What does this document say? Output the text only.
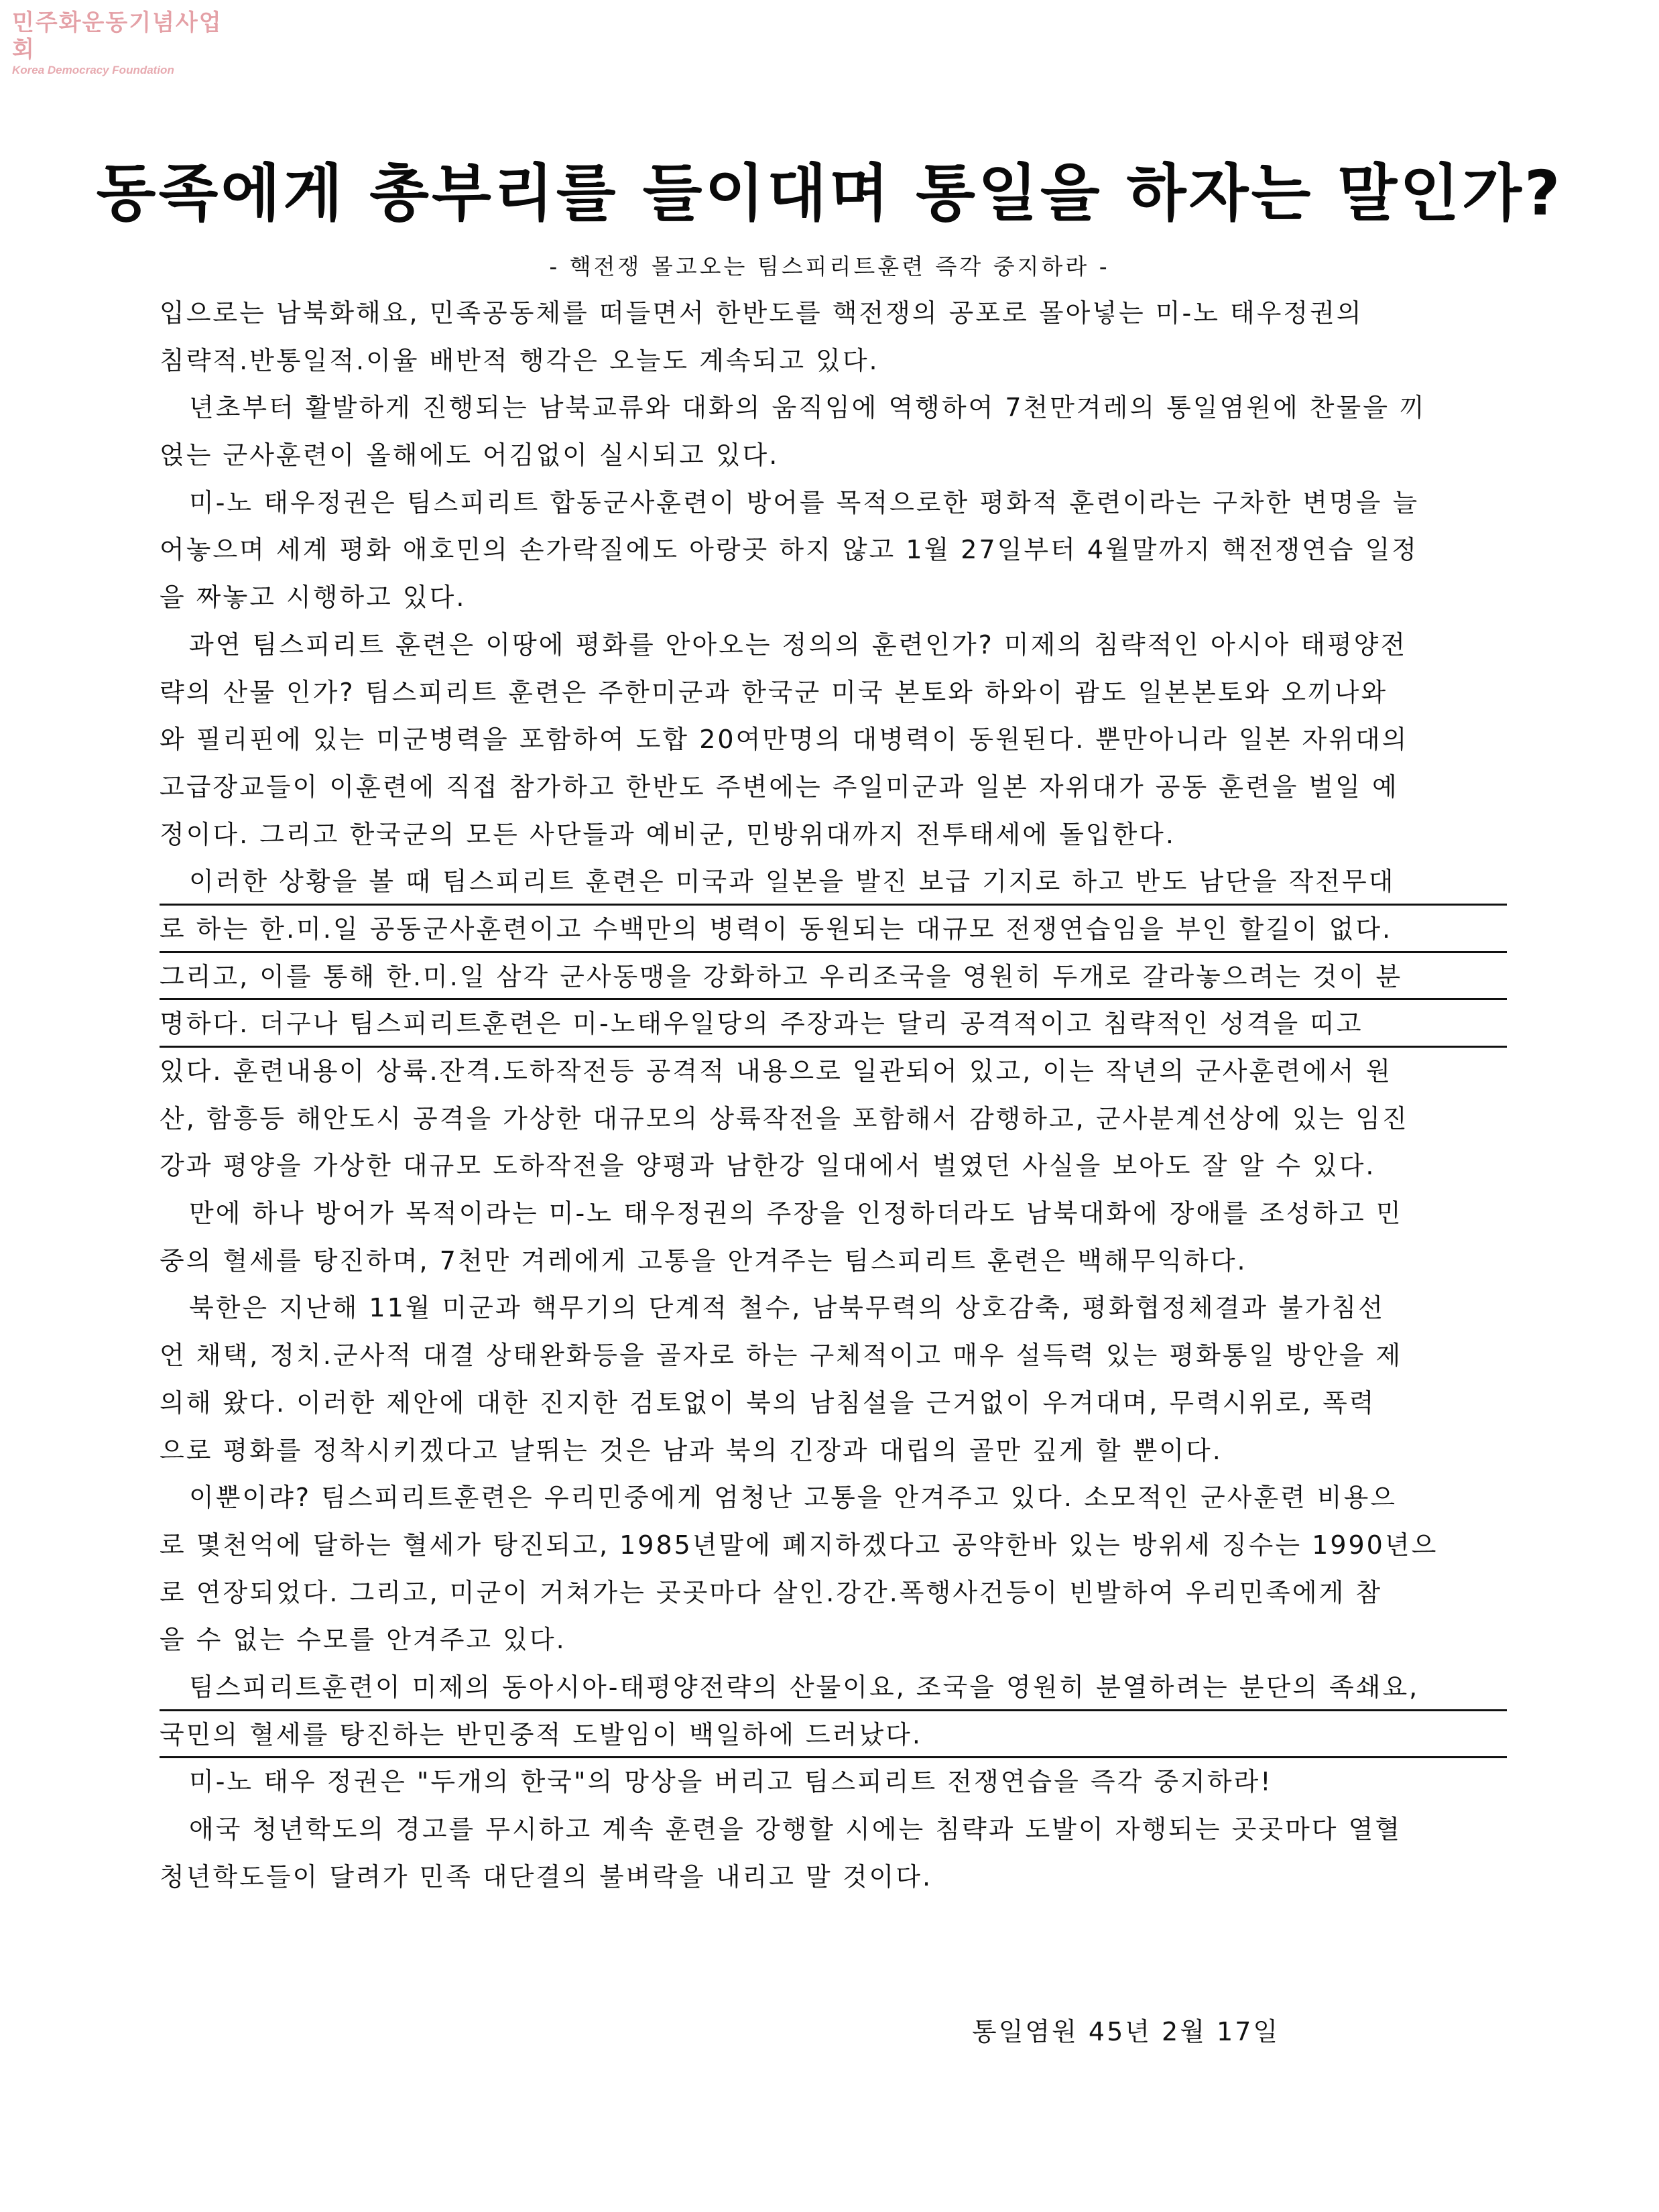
민주화운동기념사업회
Korea Democracy Foundation
동족에게 총부리를 들이대며 통일을 하자는 말인가?
- 핵전쟁 몰고오는 팀스피리트훈련 즉각 중지하라 -
입으로는 남북화해요, 민족공동체를 떠들면서 한반도를 핵전쟁의 공포로 몰아넣는 미-노 태우정권의
침략적.반통일적.이율 배반적 행각은 오늘도 계속되고 있다.
년초부터 활발하게 진행되는 남북교류와 대화의 움직임에 역행하여 7천만겨레의 통일염원에 찬물을 끼
얹는 군사훈련이 올해에도 어김없이 실시되고 있다.
미-노 태우정권은 팀스피리트 합동군사훈련이 방어를 목적으로한 평화적 훈련이라는 구차한 변명을 늘
어놓으며 세계 평화 애호민의 손가락질에도 아랑곳 하지 않고 1월 27일부터 4월말까지 핵전쟁연습 일정
을 짜놓고 시행하고 있다.
과연 팀스피리트 훈련은 이땅에 평화를 안아오는 정의의 훈련인가? 미제의 침략적인 아시아 태평양전
략의 산물 인가? 팀스피리트 훈련은 주한미군과 한국군 미국 본토와 하와이 괌도 일본본토와 오끼나와
와 필리핀에 있는 미군병력을 포함하여 도합 20여만명의 대병력이 동원된다. 뿐만아니라 일본 자위대의
고급장교들이 이훈련에 직접 참가하고 한반도 주변에는 주일미군과 일본 자위대가 공동 훈련을 벌일 예
정이다. 그리고 한국군의 모든 사단들과 예비군, 민방위대까지 전투태세에 돌입한다.
이러한 상황을 볼 때 팀스피리트 훈련은 미국과 일본을 발진 보급 기지로 하고 반도 남단을 작전무대
로 하는 한.미.일 공동군사훈련이고 수백만의 병력이 동원되는 대규모 전쟁연습임을 부인 할길이 없다.
그리고, 이를 통해 한.미.일 삼각 군사동맹을 강화하고 우리조국을 영원히 두개로 갈라놓으려는 것이 분
명하다. 더구나 팀스피리트훈련은 미-노태우일당의 주장과는 달리 공격적이고 침략적인 성격을 띠고
있다. 훈련내용이 상륙.잔격.도하작전등 공격적 내용으로 일관되어 있고, 이는 작년의 군사훈련에서 원
산, 함흥등 해안도시 공격을 가상한 대규모의 상륙작전을 포함해서 감행하고, 군사분계선상에 있는 임진
강과 평양을 가상한 대규모 도하작전을 양평과 남한강 일대에서 벌였던 사실을 보아도 잘 알 수 있다.
만에 하나 방어가 목적이라는 미-노 태우정권의 주장을 인정하더라도 남북대화에 장애를 조성하고 민
중의 혈세를 탕진하며, 7천만 겨레에게 고통을 안겨주는 팀스피리트 훈련은 백해무익하다.
북한은 지난해 11월 미군과 핵무기의 단계적 철수, 남북무력의 상호감축, 평화협정체결과 불가침선
언 채택, 정치.군사적 대결 상태완화등을 골자로 하는 구체적이고 매우 설득력 있는 평화통일 방안을 제
의해 왔다. 이러한 제안에 대한 진지한 검토없이 북의 남침설을 근거없이 우겨대며, 무력시위로, 폭력
으로 평화를 정착시키겠다고 날뛰는 것은 남과 북의 긴장과 대립의 골만 깊게 할 뿐이다.
이뿐이랴? 팀스피리트훈련은 우리민중에게 엄청난 고통을 안겨주고 있다. 소모적인 군사훈련 비용으
로 몇천억에 달하는 혈세가 탕진되고, 1985년말에 폐지하겠다고 공약한바 있는 방위세 징수는 1990년으
로 연장되었다. 그리고, 미군이 거쳐가는 곳곳마다 살인.강간.폭행사건등이 빈발하여 우리민족에게 참
을 수 없는 수모를 안겨주고 있다.
팀스피리트훈련이 미제의 동아시아-태평양전략의 산물이요, 조국을 영원히 분열하려는 분단의 족쇄요,
국민의 혈세를 탕진하는 반민중적 도발임이 백일하에 드러났다.
미-노 태우 정권은 "두개의 한국"의 망상을 버리고 팀스피리트 전쟁연습을 즉각 중지하라!
애국 청년학도의 경고를 무시하고 계속 훈련을 강행할 시에는 침략과 도발이 자행되는 곳곳마다 열혈
청년학도들이 달려가 민족 대단결의 불벼락을 내리고 말 것이다.
통일염원 45년 2월 17일
